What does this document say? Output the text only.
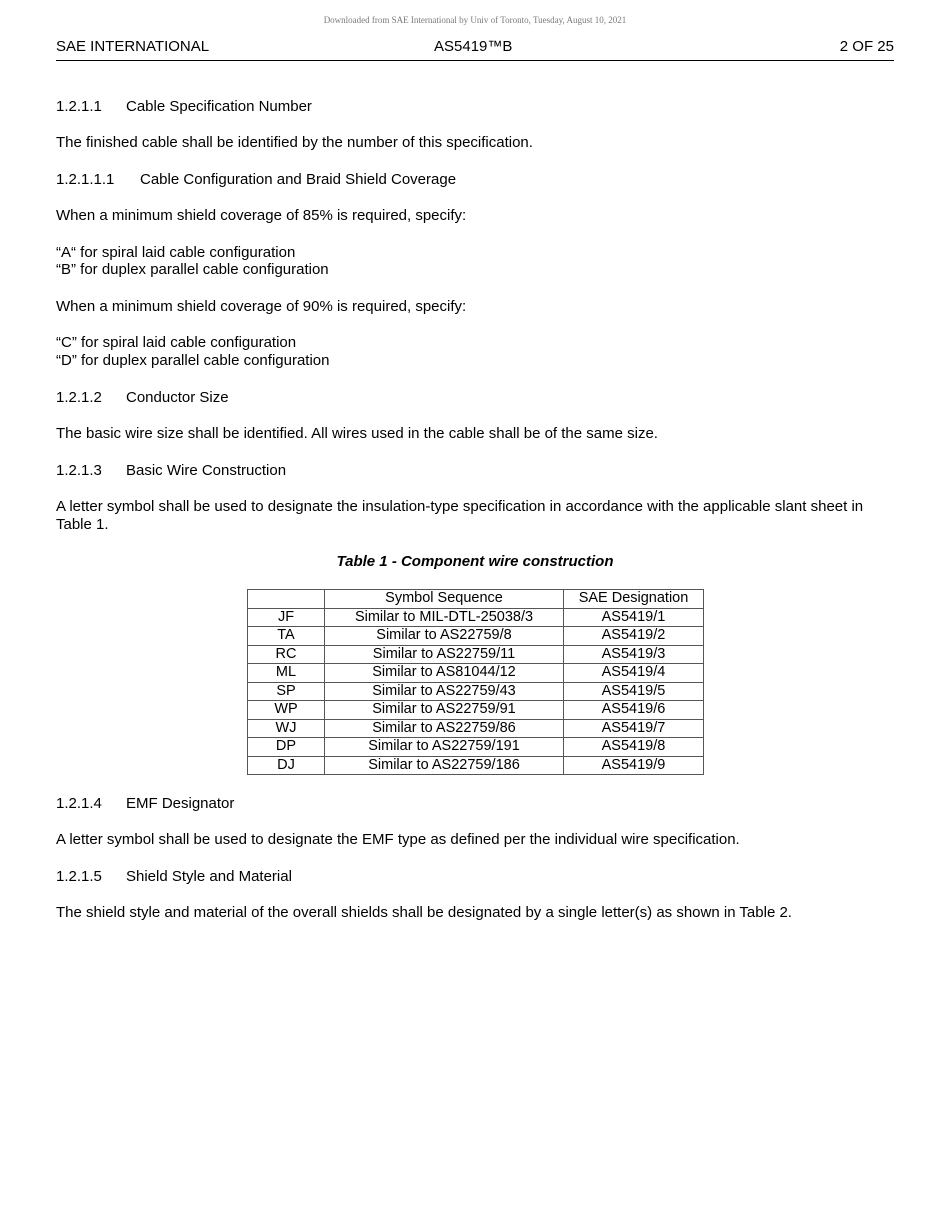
Downloaded from SAE International by Univ of Toronto, Tuesday, August 10, 2021
SAE INTERNATIONAL	AS5419™B	2 OF 25
1.2.1.1 Cable Specification Number
The finished cable shall be identified by the number of this specification.
1.2.1.1.1 Cable Configuration and Braid Shield Coverage
When a minimum shield coverage of 85% is required, specify:
“A“ for spiral laid cable configuration
“B” for duplex parallel cable configuration
When a minimum shield coverage of 90% is required, specify:
“C” for spiral laid cable configuration
“D” for duplex parallel cable configuration
1.2.1.2 Conductor Size
The basic wire size shall be identified. All wires used in the cable shall be of the same size.
1.2.1.3 Basic Wire Construction
A letter symbol shall be used to designate the insulation-type specification in accordance with the applicable slant sheet in Table 1.
Table 1 - Component wire construction
	Symbol Sequence	SAE Designation
JF	Similar to MIL-DTL-25038/3	AS5419/1
TA	Similar to AS22759/8	AS5419/2
RC	Similar to AS22759/11	AS5419/3
ML	Similar to AS81044/12	AS5419/4
SP	Similar to AS22759/43	AS5419/5
WP	Similar to AS22759/91	AS5419/6
WJ	Similar to AS22759/86	AS5419/7
DP	Similar to AS22759/191	AS5419/8
DJ	Similar to AS22759/186	AS5419/9
1.2.1.4 EMF Designator
A letter symbol shall be used to designate the EMF type as defined per the individual wire specification.
1.2.1.5 Shield Style and Material
The shield style and material of the overall shields shall be designated by a single letter(s) as shown in Table 2.
